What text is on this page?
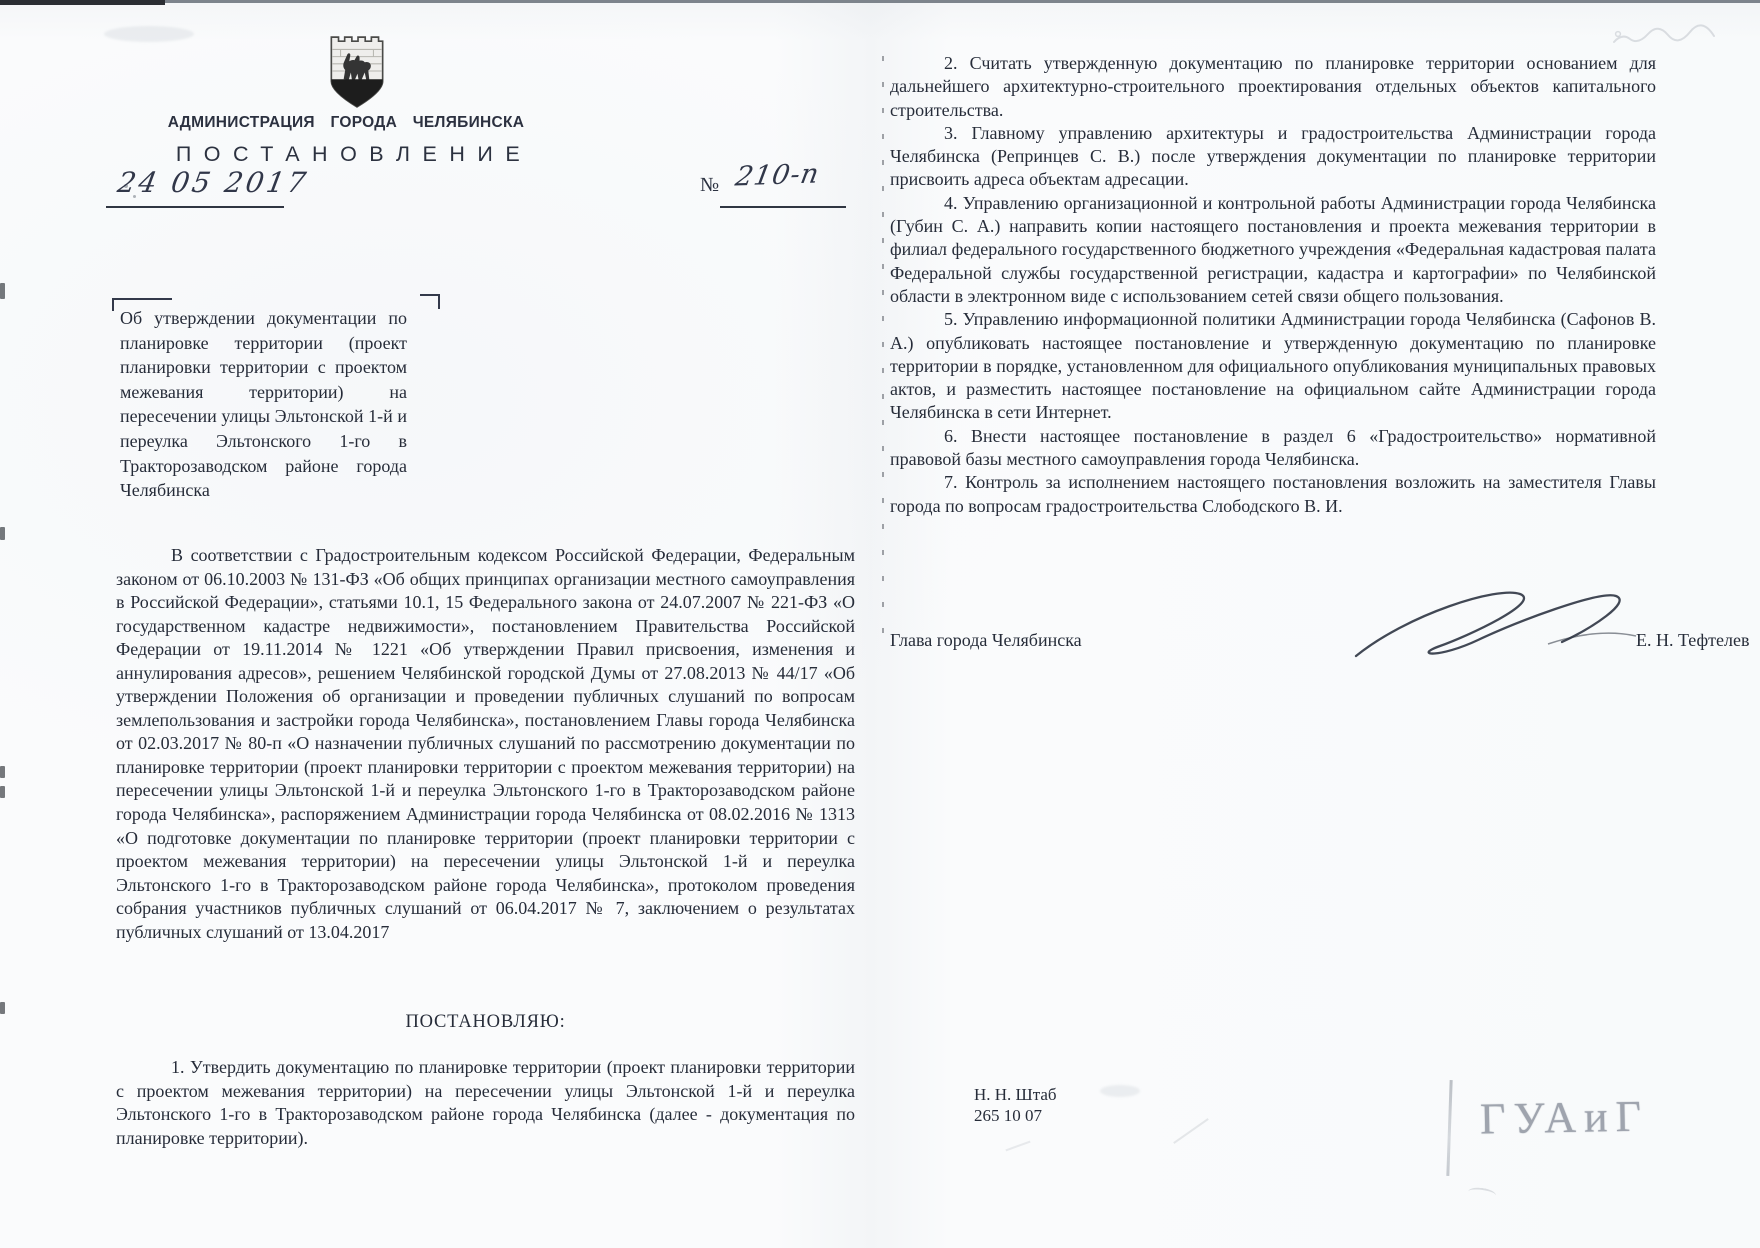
АДМИНИСТРАЦИЯ ГОРОДА ЧЕЛЯБИНСКА
ПОСТАНОВЛЕНИЕ
24 05 2017	№ 210-п
Об утверждении документации по планировке территории (проект планировки территории с проектом межевания территории) на пересечении улицы Эльтонской 1-й и переулка Эльтонского 1-го в Тракторозаводском районе города Челябинска

В соответствии с Градостроительным кодексом Российской Федерации, Федеральным законом от 06.10.2003 № 131-ФЗ «Об общих принципах организации местного самоуправления в Российской Федерации», статьями 10.1, 15 Федерального закона от 24.07.2007 № 221-ФЗ «О государственном кадастре недвижимости», постановлением Правительства Российской Федерации от 19.11.2014 № 1221 «Об утверждении Правил присвоения, изменения и аннулирования адресов», решением Челябинской городской Думы от 27.08.2013 № 44/17 «Об утверждении Положения об организации и проведении публичных слушаний по вопросам землепользования и застройки города Челябинска», постановлением Главы города Челябинска от 02.03.2017 № 80-п «О назначении публичных слушаний по рассмотрению документации по планировке территории (проект планировки территории с проектом межевания территории) на пересечении улицы Эльтонской 1-й и переулка Эльтонского 1-го в Тракторозаводском районе города Челябинска», распоряжением Администрации города Челябинска от 08.02.2016 № 1313 «О подготовке документации по планировке территории (проект планировки территории с проектом межевания территории) на пересечении улицы Эльтонской 1-й и переулка Эльтонского 1-го в Тракторозаводском районе города Челябинска», протоколом проведения собрания участников публичных слушаний от 06.04.2017 № 7, заключением о результатах публичных слушаний от 13.04.2017

ПОСТАНОВЛЯЮ:

1. Утвердить документацию по планировке территории (проект планировки территории с проектом межевания территории) на пересечении улицы Эльтонской 1-й и переулка Эльтонского 1-го в Тракторозаводском районе города Челябинска (далее - документация по планировке территории).

2. Считать утвержденную документацию по планировке территории основанием для дальнейшего архитектурно-строительного проектирования отдельных объектов капитального строительства.

3. Главному управлению архитектуры и градостроительства Администрации города Челябинска (Репринцев С. В.) после утверждения документации по планировке территории присвоить адреса объектам адресации.

4. Управлению организационной и контрольной работы Администрации города Челябинска (Губин С. А.) направить копии настоящего постановления и проекта межевания территории в филиал федерального государственного бюджетного учреждения «Федеральная кадастровая палата Федеральной службы государственной регистрации, кадастра и картографии» по Челябинской области в электронном виде с использованием сетей связи общего пользования.

5. Управлению информационной политики Администрации города Челябинска (Сафонов В. А.) опубликовать настоящее постановление и утвержденную документацию по планировке территории в порядке, установленном для официального опубликования муниципальных правовых актов, и разместить настоящее постановление на официальном сайте Администрации города Челябинска в сети Интернет.

6. Внести настоящее постановление в раздел 6 «Градостроительство» нормативной правовой базы местного самоуправления города Челябинска.

7. Контроль за исполнением настоящего постановления возложить на заместителя Главы города по вопросам градостроительства Слободского В. И.

Глава города Челябинска	Е. Н. Тефтелев
Н. Н. Штаб
265 10 07	ГУАиГ
